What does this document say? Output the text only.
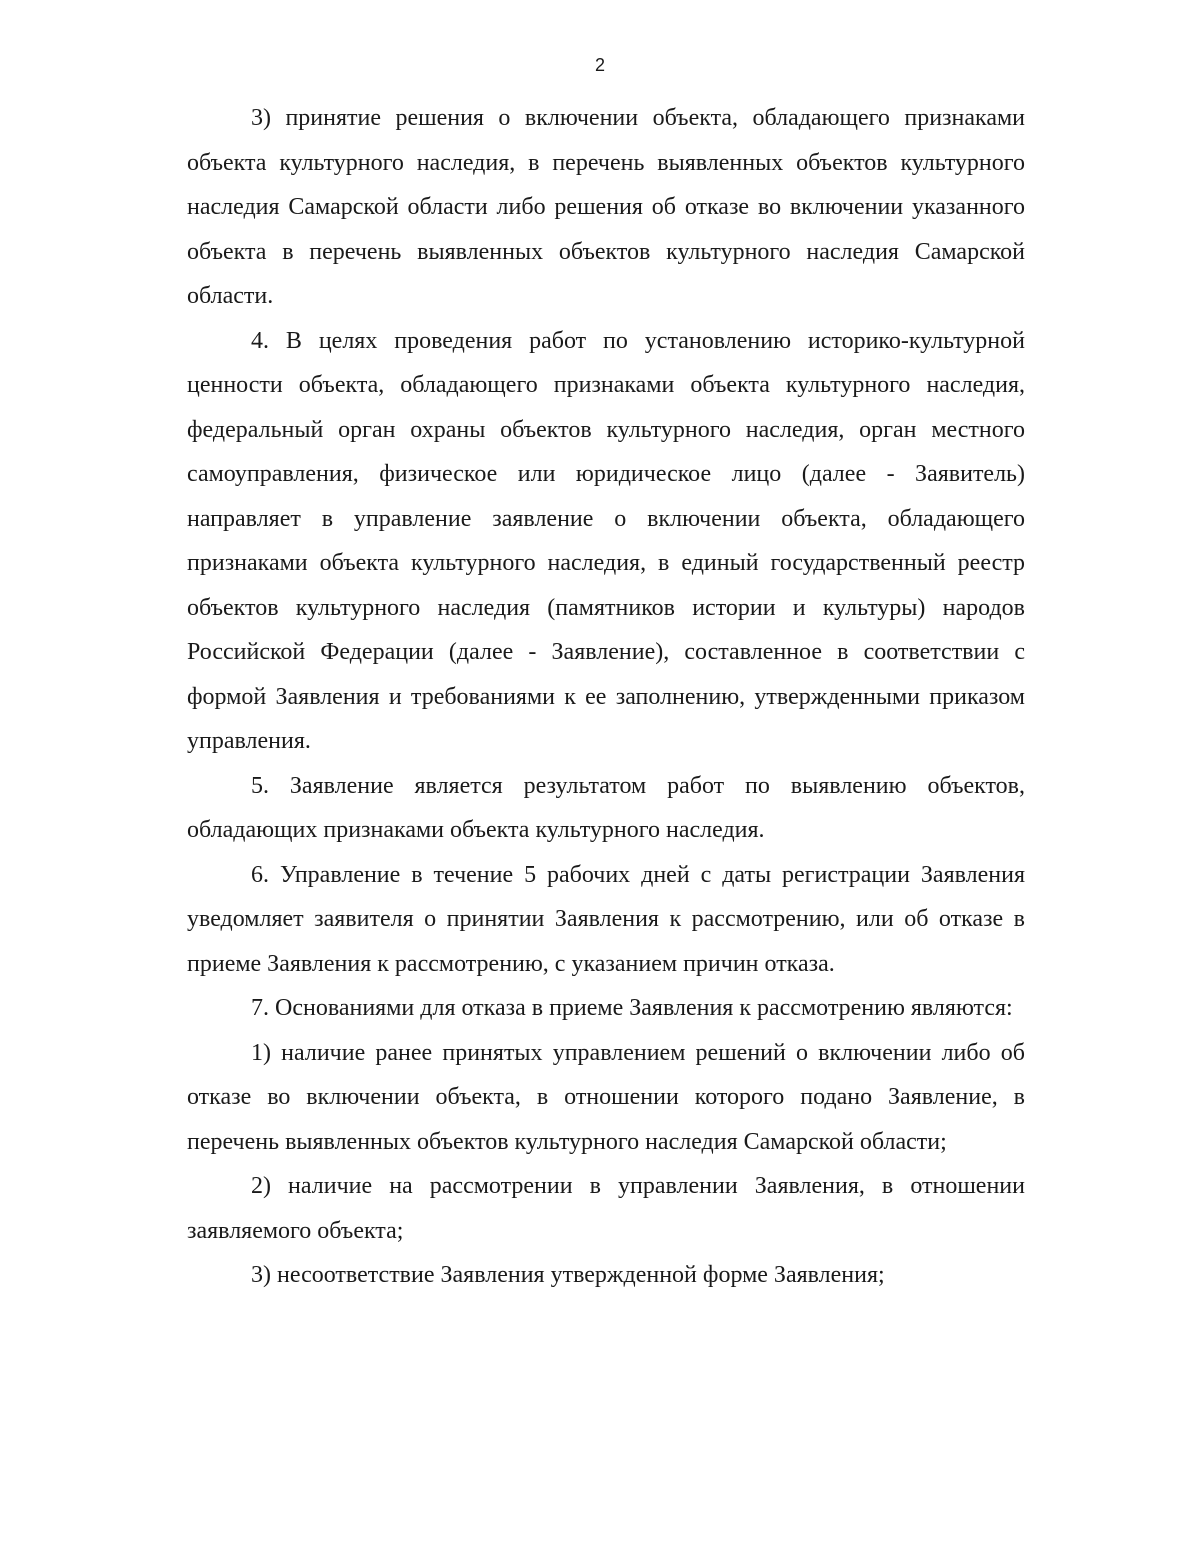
2

3) принятие решения о включении объекта, обладающего признаками объекта культурного наследия, в перечень выявленных объектов культурного наследия Самарской области либо решения об отказе во включении указанного объекта в перечень выявленных объектов культурного наследия Самарской области.

4. В целях проведения работ по установлению историко-культурной ценности объекта, обладающего признаками объекта культурного наследия, федеральный орган охраны объектов культурного наследия, орган местного самоуправления, физическое или юридическое лицо (далее - Заявитель) направляет в управление заявление о включении объекта, обладающего признаками объекта культурного наследия, в единый государственный реестр объектов культурного наследия (памятников истории и культуры) народов Российской Федерации (далее - Заявление), составленное в соответствии с формой Заявления и требованиями к ее заполнению, утвержденными приказом управления.

5. Заявление является результатом работ по выявлению объектов, обладающих признаками объекта культурного наследия.

6. Управление в течение 5 рабочих дней с даты регистрации Заявления уведомляет заявителя о принятии Заявления к рассмотрению, или об отказе в приеме Заявления к рассмотрению, с указанием причин отказа.

7. Основаниями для отказа в приеме Заявления к рассмотрению являются:

1) наличие ранее принятых управлением решений о включении либо об отказе во включении объекта, в отношении которого подано Заявление, в перечень выявленных объектов культурного наследия Самарской области;

2) наличие на рассмотрении в управлении Заявления, в отношении заявляемого объекта;

3) несоответствие Заявления утвержденной форме Заявления;
